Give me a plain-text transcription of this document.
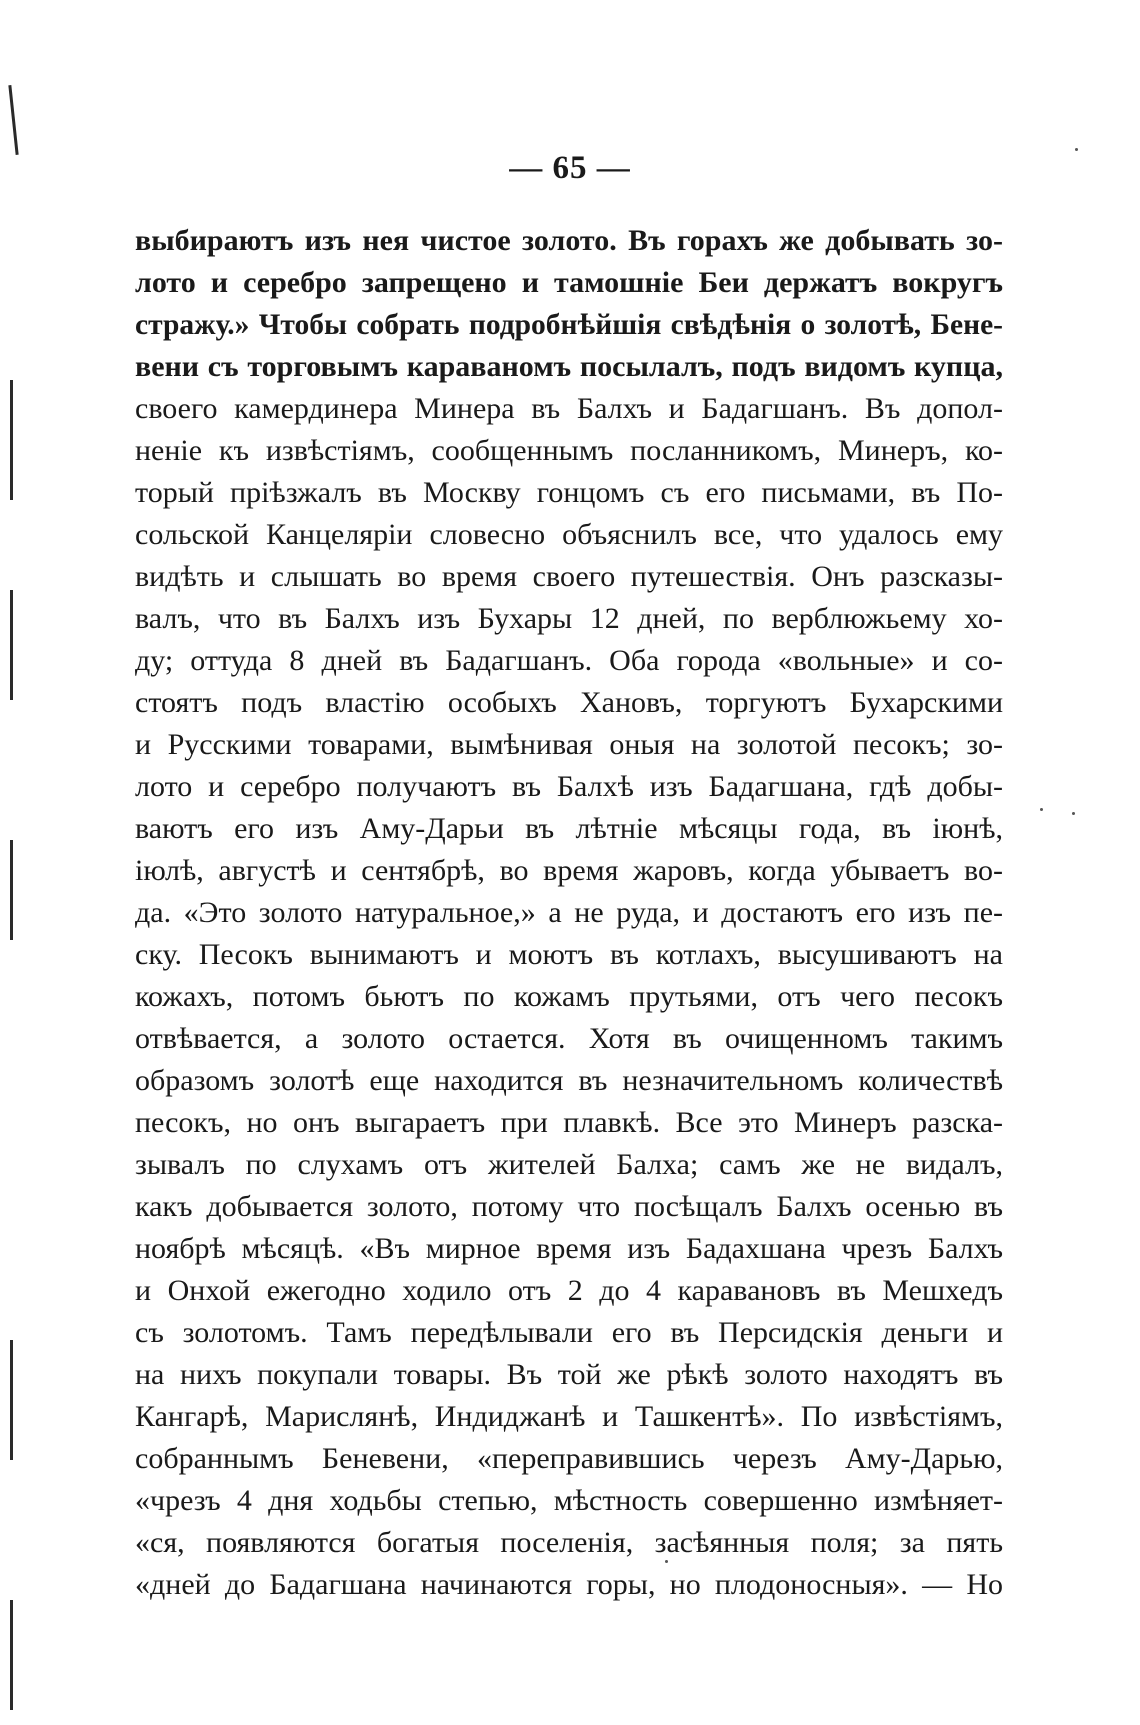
— 65 —
выбираютъ изъ нея чистое золото. Въ горахъ же добывать зо-
лото и серебро запрещено и тамошніе Беи держатъ вокругъ
стражу.» Чтобы собрать подробнѣйшія свѣдѣнія о золотѣ, Бене-
вени съ торговымъ караваномъ посылалъ, подъ видомъ купца,
своего камердинера Минера въ Балхъ и Бадагшанъ. Въ допол-
неніе къ извѣстіямъ, сообщеннымъ посланникомъ, Минеръ, ко-
торый пріѣзжалъ въ Москву гонцомъ съ его письмами, въ По-
сольской Канцеляріи словесно объяснилъ все, что удалось ему
видѣть и слышать во время своего путешествія. Онъ разсказы-
валъ, что въ Балхъ изъ Бухары 12 дней, по верблюжьему хо-
ду; оттуда 8 дней въ Бадагшанъ. Оба города «вольные» и со-
стоятъ подъ властію особыхъ Хановъ, торгуютъ Бухарскими
и Русскими товарами, вымѣнивая оныя на золотой песокъ; зо-
лото и серебро получаютъ въ Балхѣ изъ Бадагшана, гдѣ добы-
ваютъ его изъ Аму-Дарьи въ лѣтніе мѣсяцы года, въ іюнѣ,
іюлѣ, августѣ и сентябрѣ, во время жаровъ, когда убываетъ во-
да. «Это золото натуральное,» а не руда, и достаютъ его изъ пе-
ску. Песокъ вынимаютъ и моютъ въ котлахъ, высушиваютъ на
кожахъ, потомъ бьютъ по кожамъ прутьями, отъ чего песокъ
отвѣвается, а золото остается. Хотя въ очищенномъ такимъ
образомъ золотѣ еще находится въ незначительномъ количествѣ
песокъ, но онъ выгараетъ при плавкѣ. Все это Минеръ разска-
зывалъ по слухамъ отъ жителей Балха; самъ же не видалъ,
какъ добывается золото, потому что посѣщалъ Балхъ осенью въ
ноябрѣ мѣсяцѣ. «Въ мирное время изъ Бадахшана чрезъ Балхъ
и Онхой ежегодно ходило отъ 2 до 4 каравановъ въ Мешхедъ
съ золотомъ. Тамъ передѣлывали его въ Персидскія деньги и
на нихъ покупали товары. Въ той же рѣкѣ золото находятъ въ
Кангарѣ, Марислянѣ, Индиджанѣ и Ташкентѣ». По извѣстіямъ,
собраннымъ Беневени, «переправившись черезъ Аму-Дарью,
«чрезъ 4 дня ходьбы степью, мѣстность совершенно измѣняет-
«ся, появляются богатыя поселенія, засѣянныя поля; за пять
«дней до Бадагшана начинаются горы, но плодоносныя». — Но
